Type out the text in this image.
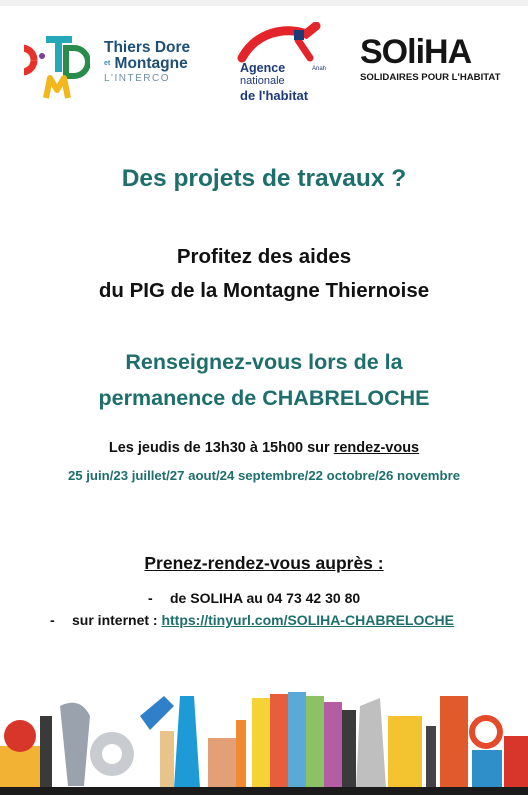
Thiers Dore
et Montagne
L'INTERCO
Agence
nationale
de l'habitat
Anah SOliHA
SOLIDAIRES POUR L'HABITAT
Des projets de travaux ?
Profitez des aides
du PIG de la Montagne Thiernoise
Renseignez-vous lors de la
permanence de CHABRELOCHE
Les jeudis de 13h30 à 15h00 sur rendez-vous
25 juin/23 juillet/27 aout/24 septembre/22 octobre/26 novembre
Prenez-rendez-vous auprès :
- de SOLIHA au 04 73 42 30 80
- sur internet : https://tinyurl.com/SOLIHA-CHABRELOCHE
